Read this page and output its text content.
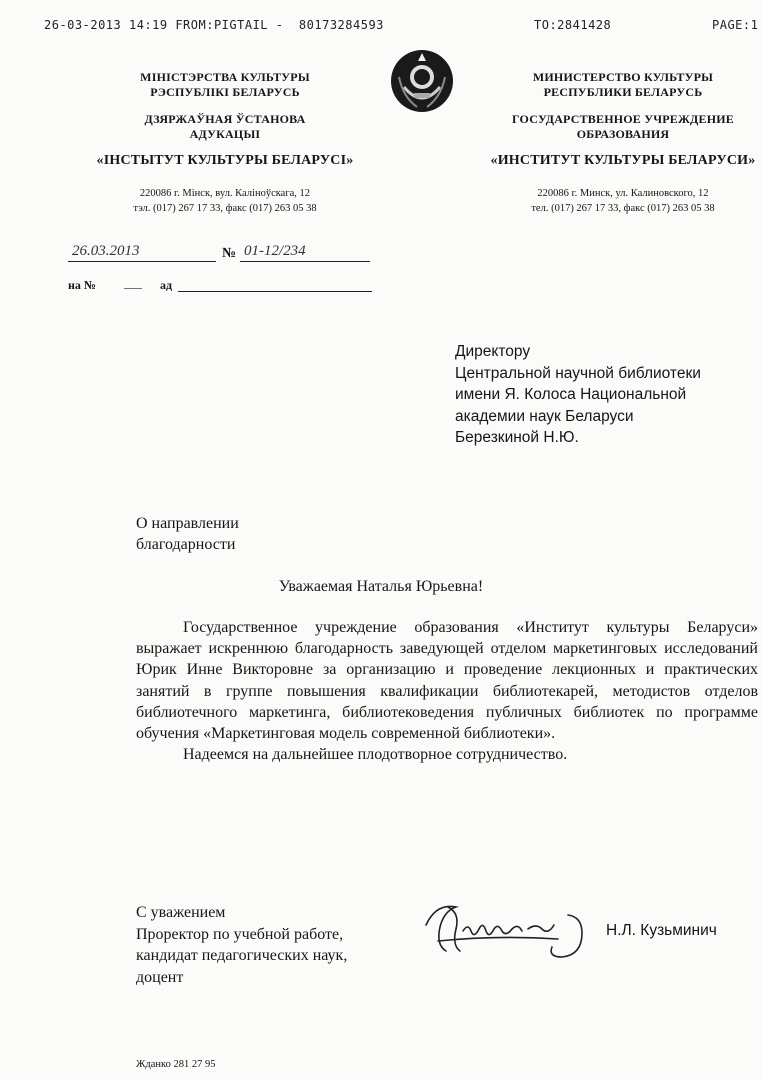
26-03-2013 14:19 FROM:PIGTAIL - 80173284593	TO:2841428	PAGE:1
МІНІСТЭРСТВА КУЛЬТУРЫ
РЭСПУБЛІКІ БЕЛАРУСЬ
ДЗЯРЖАЎНАЯ ЎСТАНОВА
АДУКАЦЫІ
«ІНСТЫТУТ КУЛЬТУРЫ БЕЛАРУСІ»
220086 г. Мінск, вул. Калiноўскага, 12
тэл. (017) 267 17 33, факс (017) 263 05 38
МИНИСТЕРСТВО КУЛЬТУРЫ
РЕСПУБЛИКИ БЕЛАРУСЬ
ГОСУДАРСТВЕННОЕ УЧРЕЖДЕНИЕ
ОБРАЗОВАНИЯ
«ИНСТИТУТ КУЛЬТУРЫ БЕЛАРУСИ»
220086 г. Минск, ул. Калиновского, 12
тел. (017) 267 17 33, факс (017) 263 05 38
26.03.2013	№ 01-12/234
на № ___ ад
Директору
Центральной научной библиотеки
имени Я. Колоса Национальной
академии наук Беларуси
Березкиной Н.Ю.
О направлении
благодарности
Уважаемая Наталья Юрьевна!

Государственное учреждение образования «Институт культуры Беларуси» выражает искреннюю благодарность заведующей отделом маркетинговых исследований Юрик Инне Викторовне за организацию и проведение лекционных и практических занятий в группе повышения квалификации библиотекарей, методистов отделов библиотечного маркетинга, библиотековедения публичных библиотек по программе обучения «Маркетинговая модель современной библиотеки».

Надеемся на дальнейшее плодотворное сотрудничество.

С уважением
Проректор по учебной работе,
кандидат педагогических наук,
доцент
Н.Л. Кузьминич
Жданко 281 27 95
